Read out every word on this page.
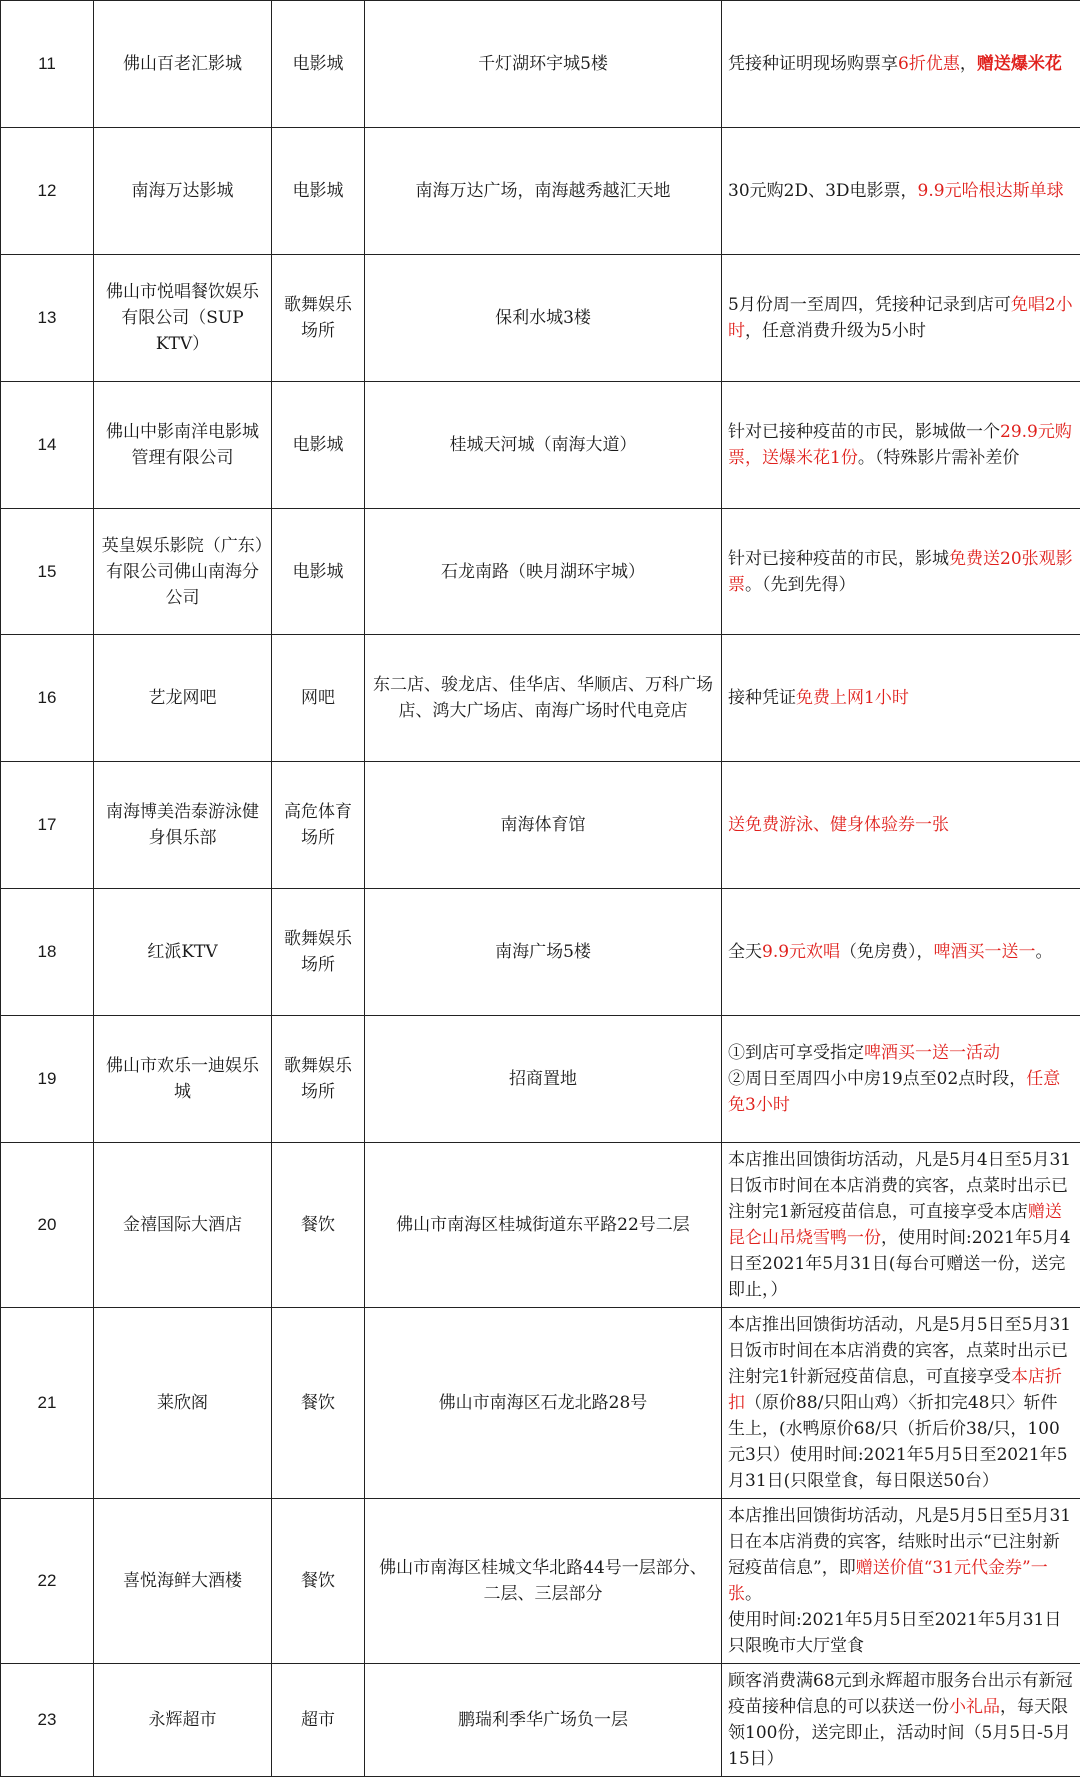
11	佛山百老汇影城	电影城	千灯湖环宇城5楼	凭接种证明现场购票享6折优惠，赠送爆米花
12	南海万达影城	电影城	南海万达广场，南海越秀越汇天地	30元购2D、3D电影票，9.9元哈根达斯单球
13	佛山市悦唱餐饮娱乐有限公司（SUP KTV）	歌舞娱乐场所	保利水城3楼	5月份周一至周四，凭接种记录到店可免唱2小时，任意消费升级为5小时
14	佛山中影南洋电影城管理有限公司	电影城	桂城天河城（南海大道）	针对已接种疫苗的市民，影城做一个29.9元购票，送爆米花1份。（特殊影片需补差价
15	英皇娱乐影院（广东）有限公司佛山南海分公司	电影城	石龙南路（映月湖环宇城）	针对已接种疫苗的市民，影城免费送20张观影票。（先到先得）
16	艺龙网吧	网吧	东二店、骏龙店、佳华店、华顺店、万科广场店、鸿大广场店、南海广场时代电竞店	接种凭证免费上网1小时
17	南海博美浩泰游泳健身俱乐部	高危体育场所	南海体育馆	送免费游泳、健身体验券一张
18	红派KTV	歌舞娱乐场所	南海广场5楼	全天9.9元欢唱（免房费），啤酒买一送一。
19	佛山市欢乐一迪娱乐城	歌舞娱乐场所	招商置地	①到店可享受指定啤酒买一送一活动
②周日至周四小中房19点至02点时段，任意免3小时
20	金禧国际大酒店	餐饮	佛山市南海区桂城街道东平路22号二层	本店推出回馈街坊活动，凡是5月4日至5月31日饭市时间在本店消费的宾客，点菜时出示已注射完1新冠疫苗信息，可直接享受本店赠送昆仑山吊烧雪鸭一份，使用时间:2021年5月4日至2021年5月31日(每台可赠送一份，送完即止，）
21	莱欣阁	餐饮	佛山市南海区石龙北路28号	本店推出回馈街坊活动，凡是5月5日至5月31日饭市时间在本店消费的宾客，点菜时出示已注射完1针新冠疫苗信息，可直接享受本店折扣（原价88/只阳山鸡）〈折扣完48只〉斩件生上，(水鸭原价68/只（折后价38/只，100元3只）使用时间:2021年5月5日至2021年5月31日(只限堂食，每日限送50台）
22	喜悦海鲜大酒楼	餐饮	佛山市南海区桂城文华北路44号一层部分、二层、三层部分	本店推出回馈街坊活动，凡是5月5日至5月31日在本店消费的宾客，结账时出示“已注射新冠疫苗信息”，即赠送价值“31元代金券”一张。
使用时间:2021年5月5日至2021年5月31日只限晚市大厅堂食
23	永辉超市	超市	鹏瑞利季华广场负一层	顾客消费满68元到永辉超市服务台出示有新冠疫苗接种信息的可以获送一份小礼品，每天限领100份，送完即止，活动时间（5月5日-5月15日）
